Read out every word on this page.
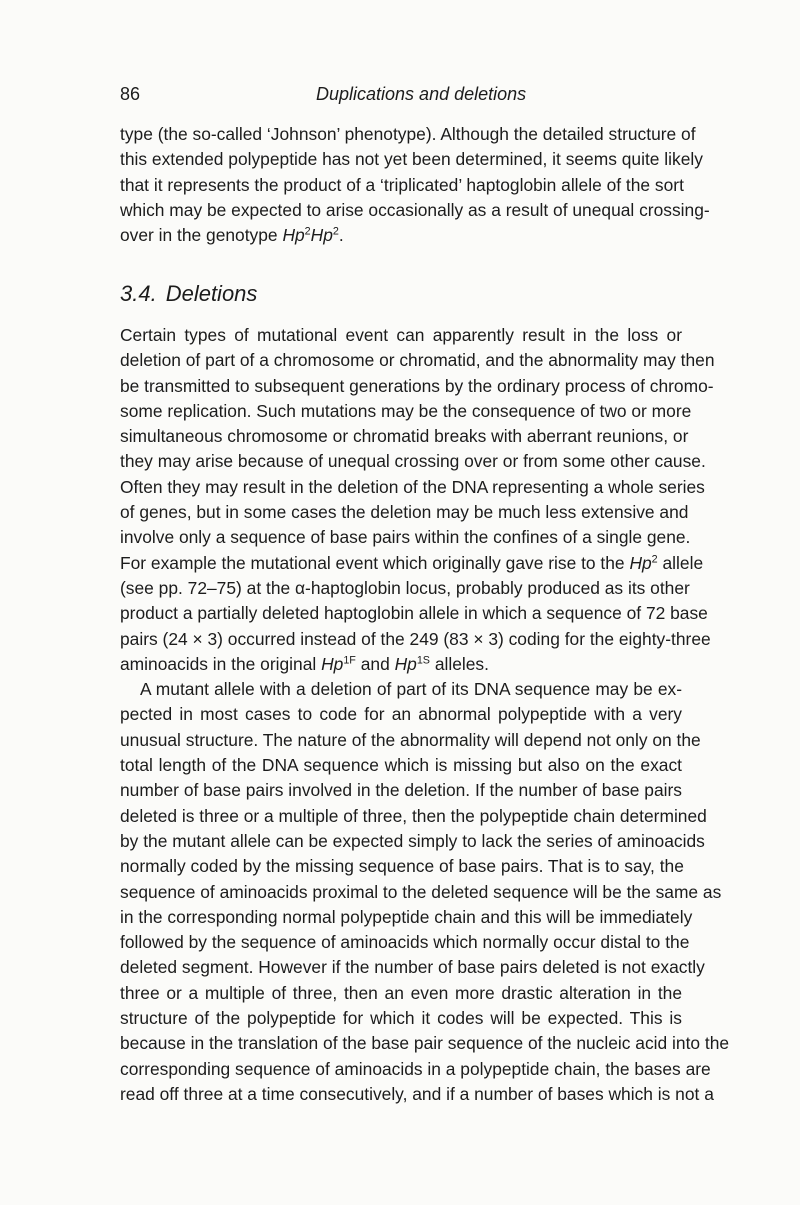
86	Duplications and deletions
type (the so-called ‘Johnson’ phenotype). Although the detailed structure of
this extended polypeptide has not yet been determined, it seems quite likely
that it represents the product of a ‘triplicated’ haptoglobin allele of the sort
which may be expected to arise occasionally as a result of unequal crossing-
over in the genotype Hp$^2$Hp$^2$.
3.4. Deletions
Certain types of mutational event can apparently result in the loss or
deletion of part of a chromosome or chromatid, and the abnormality may then
be transmitted to subsequent generations by the ordinary process of chromo-
some replication. Such mutations may be the consequence of two or more
simultaneous chromosome or chromatid breaks with aberrant reunions, or
they may arise because of unequal crossing over or from some other cause.
Often they may result in the deletion of the DNA representing a whole series
of genes, but in some cases the deletion may be much less extensive and
involve only a sequence of base pairs within the confines of a single gene.
For example the mutational event which originally gave rise to the Hp$^2$ allele
(see pp. 72–75) at the α-haptoglobin locus, probably produced as its other
product a partially deleted haptoglobin allele in which a sequence of 72 base
pairs (24 × 3) occurred instead of the 249 (83 × 3) coding for the eighty-three
aminoacids in the original $Hp^{1F}$ and $Hp^{1S}$ alleles.
A mutant allele with a deletion of part of its DNA sequence may be ex-
pected in most cases to code for an abnormal polypeptide with a very
unusual structure. The nature of the abnormality will depend not only on the
total length of the DNA sequence which is missing but also on the exact
number of base pairs involved in the deletion. If the number of base pairs
deleted is three or a multiple of three, then the polypeptide chain determined
by the mutant allele can be expected simply to lack the series of aminoacids
normally coded by the missing sequence of base pairs. That is to say, the
sequence of aminoacids proximal to the deleted sequence will be the same as
in the corresponding normal polypeptide chain and this will be immediately
followed by the sequence of aminoacids which normally occur distal to the
deleted segment. However if the number of base pairs deleted is not exactly
three or a multiple of three, then an even more drastic alteration in the
structure of the polypeptide for which it codes will be expected. This is
because in the translation of the base pair sequence of the nucleic acid into the
corresponding sequence of aminoacids in a polypeptide chain, the bases are
read off three at a time consecutively, and if a number of bases which is not a
